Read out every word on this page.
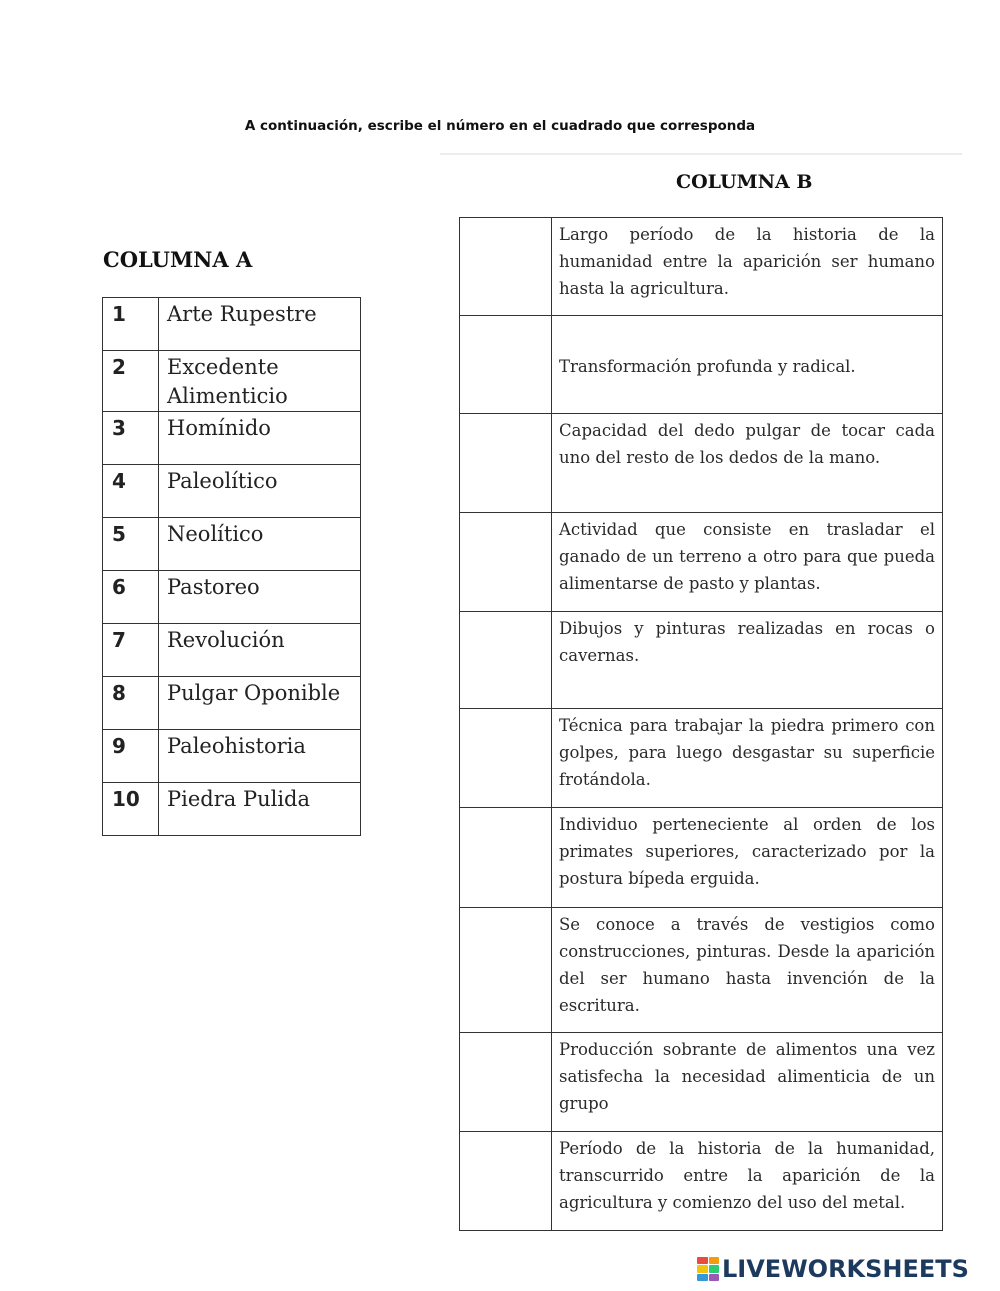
A continuación, escribe el número en el cuadrado que corresponda
COLUMNA B
COLUMNA A
1	Arte Rupestre
2	Excedente Alimenticio
3	Homínido
4	Paleolítico
5	Neolítico
6	Pastoreo
7	Revolución
8	Pulgar Oponible
9	Paleohistoria
10	Piedra Pulida
	Largo período de la historia de la humanidad entre la aparición ser humano hasta la agricultura.

	Transformación profunda y radical.

	Capacidad del dedo pulgar de tocar cada uno del resto de los dedos de la mano.

	Actividad que consiste en trasladar el ganado de un terreno a otro para que pueda alimentarse de pasto y plantas.

	Dibujos y pinturas realizadas en rocas o cavernas.

	Técnica para trabajar la piedra primero con golpes, para luego desgastar su superficie frotándola.

	Individuo perteneciente al orden de los primates superiores, caracterizado por la postura bípeda erguida.

	Se conoce a través de vestigios como construcciones, pinturas. Desde la aparición del ser humano hasta invención de la escritura.

	Producción sobrante de alimentos una vez satisfecha la necesidad alimenticia de un grupo

	Período de la historia de la humanidad, transcurrido entre la aparición de la agricultura y comienzo del uso del metal.
LIVEWORKSHEETS
